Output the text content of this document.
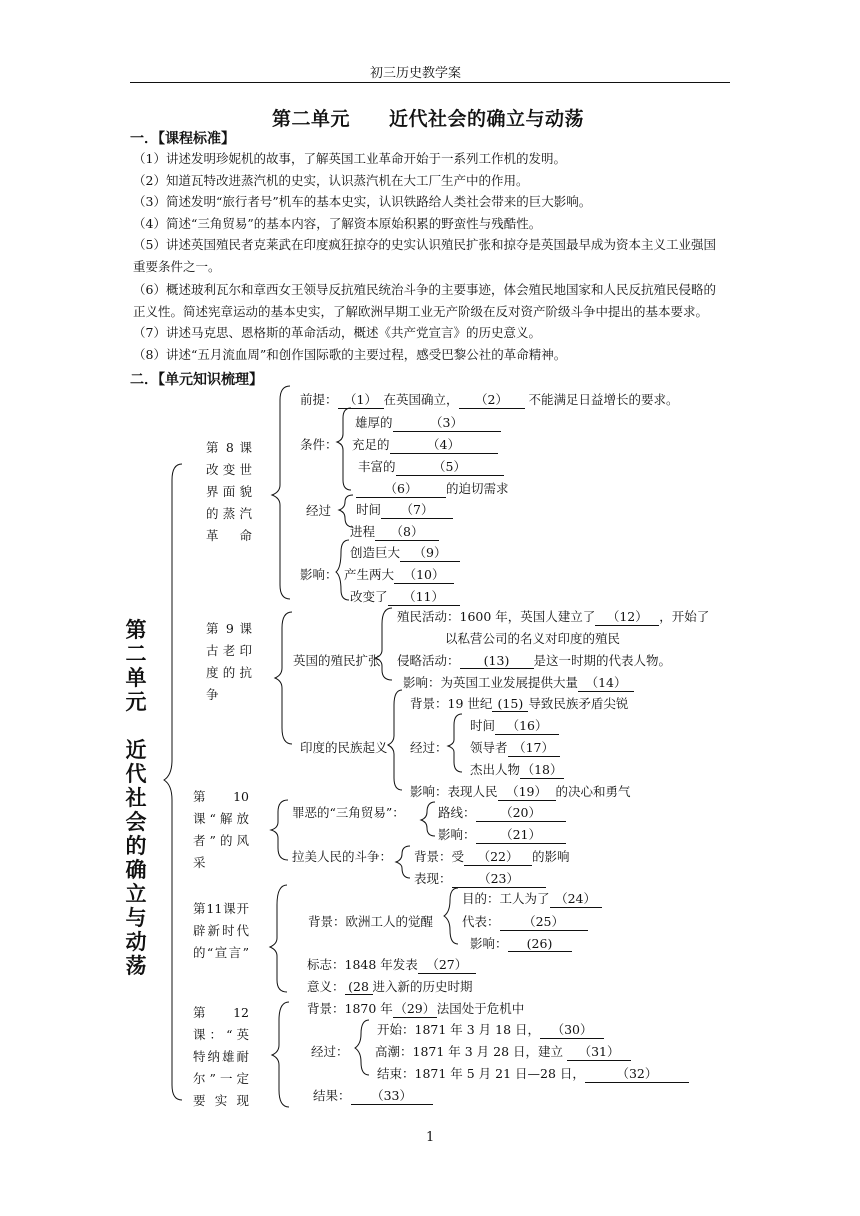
初三历史教学案
第二单元　　近代社会的确立与动荡
一．【课程标准】
（1）讲述发明珍妮机的故事，了解英国工业革命开始于一系列工作机的发明。
（2）知道瓦特改进蒸汽机的史实，认识蒸汽机在大工厂生产中的作用。
（3）简述发明“旅行者号”机车的基本史实，认识铁路给人类社会带来的巨大影响。
（4）简述“三角贸易”的基本内容，了解资本原始积累的野蛮性与残酷性。
（5）讲述英国殖民者克莱武在印度疯狂掠夺的史实认识殖民扩张和掠夺是英国最早成为资本主义工业强国
重要条件之一。
（6）概述玻利瓦尔和章西女王领导反抗殖民统治斗争的主要事迹，体会殖民地国家和人民反抗殖民侵略的
正义性。简述宪章运动的基本史实，了解欧洲早期工业无产阶级在反对资产阶级斗争中提出的基本要求。
（7）讲述马克思、恩格斯的革命活动，概述《共产党宣言》的历史意义。
（8）讲述“五月流血周”和创作国际歌的主要过程，感受巴黎公社的革命精神。
二．【单元知识梳理】
第二单元
近代社会的确立与动荡
第 8 课改变世界面貌的蒸汽革命
第 9 课古老印度的抗争
第 10 课“解放者”的风采
第11课开辟新时代的“宣言”
第 12 课：“英特纳雄耐尔”一定要实现
前提： （1） 在英国确立， （2） 不能满足日益增长的要求。
条件：
雄厚的	（3）
充足的	（4）
丰富的	（5）
（6） 的迫切需求
经过 时间 （7）
进程 （8）
影响：
创造巨大 （9）
产生两大 （10）
改变了 （11）
英国的殖民扩张
殖民活动：1600 年，英国人建立了 （12） ，开始了
以私营公司的名义对印度的殖民
侵略活动： (13) 是这一时期的代表人物。
影响：为英国工业发展提供大量 （14）
印度的民族起义
背景：19 世纪 (15) 导致民族矛盾尖锐
经过：
时间 （16）
领导者 （17）
杰出人物 （18）
影响：表现人民 （19） 的决心和勇气
罪恶的“三角贸易”：	路线： （20）
影响： （21）
拉美人民的斗争： 背景：受 （22） 的影响
表现： （23）
背景：欧洲工人的觉醒
目的：工人为了 （24）
代表： （25）
影响： (26)
标志：1848 年发表 （27）
意义： (28 进入新的历史时期
背景：1870 年 （29） 法国处于危机中
经过：
开始：1871 年 3 月 18 日， （30）
高潮：1871 年 3 月 28 日，建立 （31）
结束：1871 年 5 月 21 日—28 日，	（32）
结果： （33）
1
